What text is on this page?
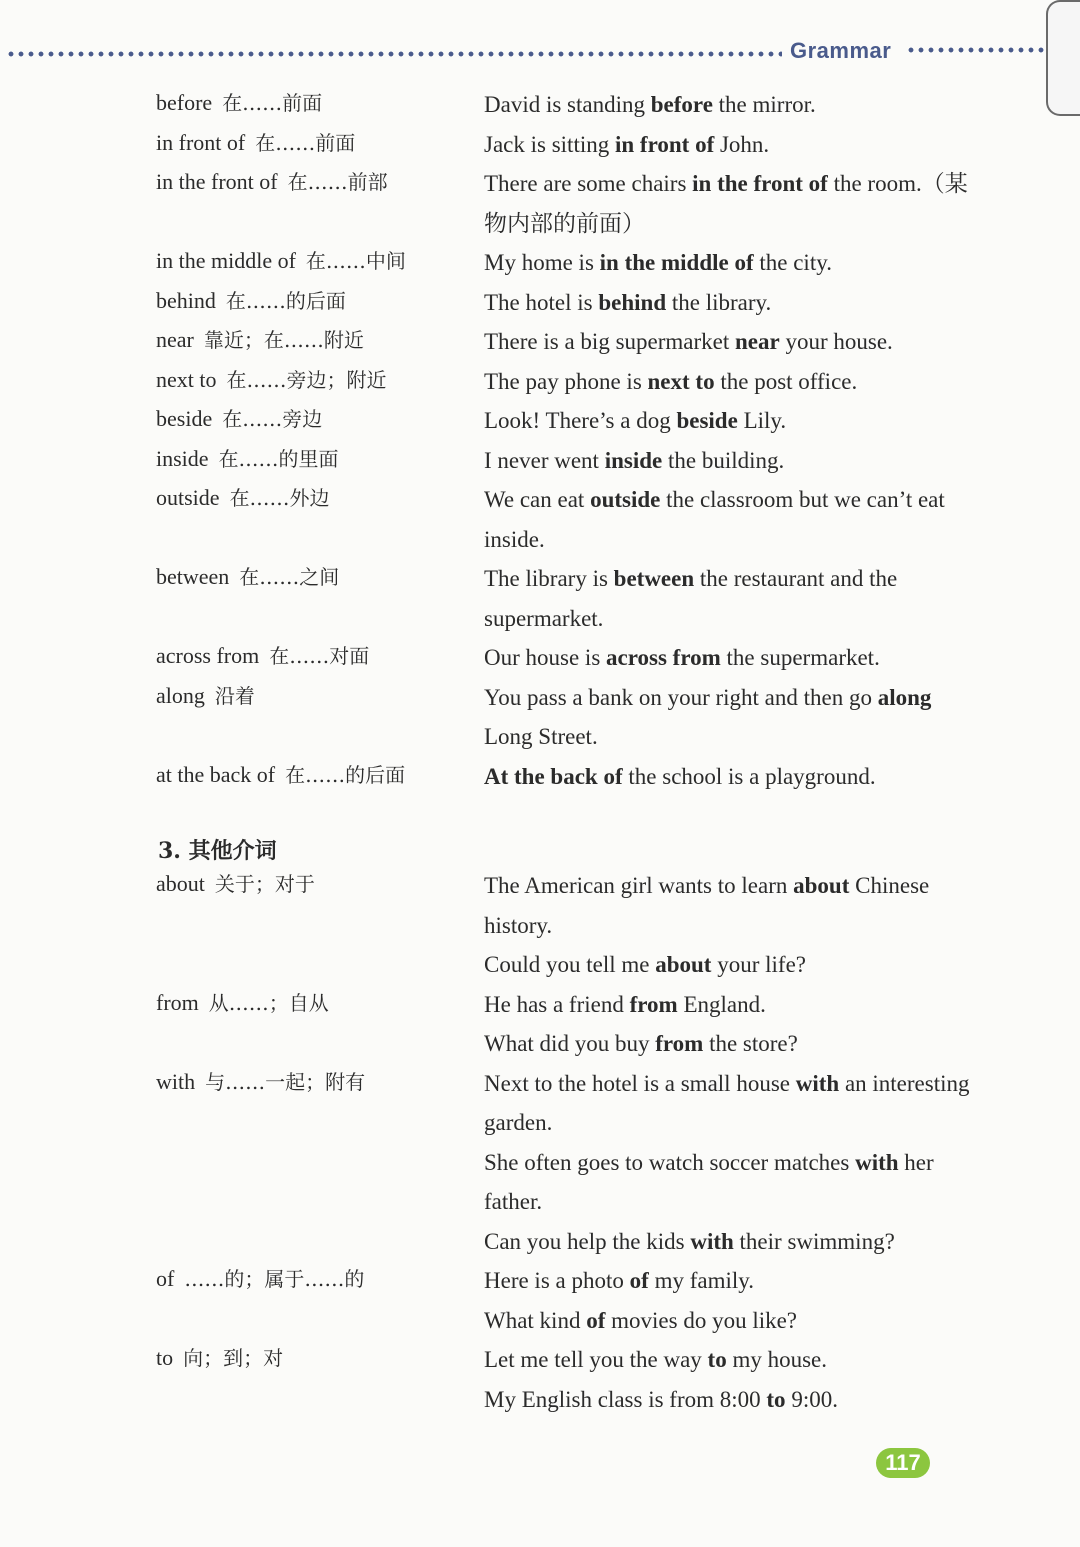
Grammar
before 在……前面	David is standing before the mirror.
in front of 在……前面	Jack is sitting in front of John.
in the front of 在……前部	There are some chairs in the front of the room.（某
物内部的前面）
in the middle of 在……中间	My home is in the middle of the city.
behind 在……的后面	The hotel is behind the library.
near 靠近；在……附近	There is a big supermarket near your house.
next to 在……旁边；附近	The pay phone is next to the post office.
beside 在……旁边	Look! There’s a dog beside Lily.
inside 在……的里面	I never went inside the building.
outside 在……外边	We can eat outside the classroom but we can’t eat
inside.
between 在……之间	The library is between the restaurant and the
supermarket.
across from 在……对面	Our house is across from the supermarket.
along 沿着	You pass a bank on your right and then go along
Long Street.
at the back of 在……的后面	At the back of the school is a playground.
about 关于；对于	The American girl wants to learn about Chinese
history.
Could you tell me about your life?
from 从……；自从	He has a friend from England.
What did you buy from the store?
with 与……一起；附有	Next to the hotel is a small house with an interesting
garden.
She often goes to watch soccer matches with her
father.
Can you help the kids with their swimming?
of ……的；属于……的	Here is a photo of my family.
What kind of movies do you like?
to 向；到；对	Let me tell you the way to my house.
My English class is from 8:00 to 9:00.
3. 其他介词
117
